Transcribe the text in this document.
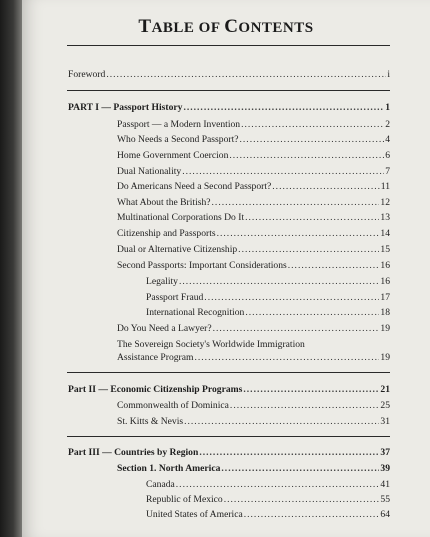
TABLE OF CONTENTS
Foreword .....	i
PART I — Passport History .....	1
Passport — a Modern Invention .....	2
Who Needs a Second Passport? .....	4
Home Government Coercion .....	6
Dual Nationality .....	7
Do Americans Need a Second Passport? .....	11
What About the British? .....	12
Multinational Corporations Do It .....	13
Citizenship and Passports .....	14
Dual or Alternative Citizenship .....	15
Second Passports: Important Considerations .....	16
Legality .....	16
Passport Fraud .....	17
International Recognition .....	18
Do You Need a Lawyer? .....	19
The Sovereign Society's Worldwide Immigration
Assistance Program .....	19
Part II — Economic Citizenship Programs .....	21
Commonwealth of Dominica .....	25
St. Kitts & Nevis .....	31
Part III — Countries by Region .....	37
Section 1. North America .....	39
Canada .....	41
Republic of Mexico .....	55
United States of America .....	64
